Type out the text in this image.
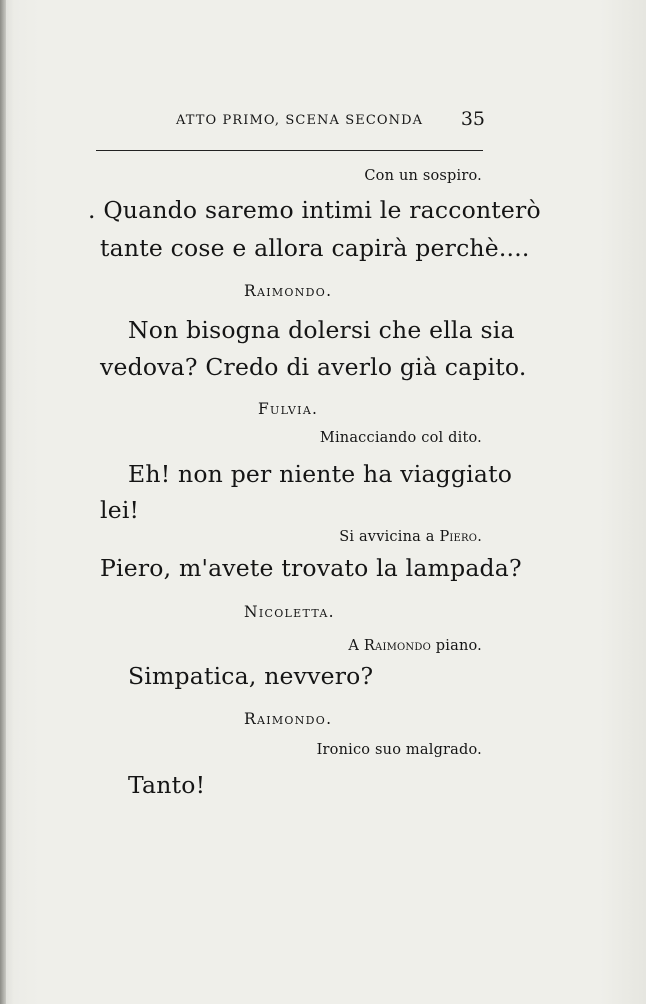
ATTO PRIMO, SCENA SECONDA 35
Con un sospiro.
. Quando saremo intimi le racconterò
tante cose e allora capirà perchè....
Raimondo.
Non bisogna dolersi che ella sia
vedova? Credo di averlo già capito.
Fulvia.
Minacciando col dito.
Eh! non per niente ha viaggiato
lei!
Si avvicina a Piero.
Piero, m'avete trovato la lampada?
Nicoletta.
A Raimondo piano.
Simpatica, nevvero?
Raimondo.
Ironico suo malgrado.
Tanto!
